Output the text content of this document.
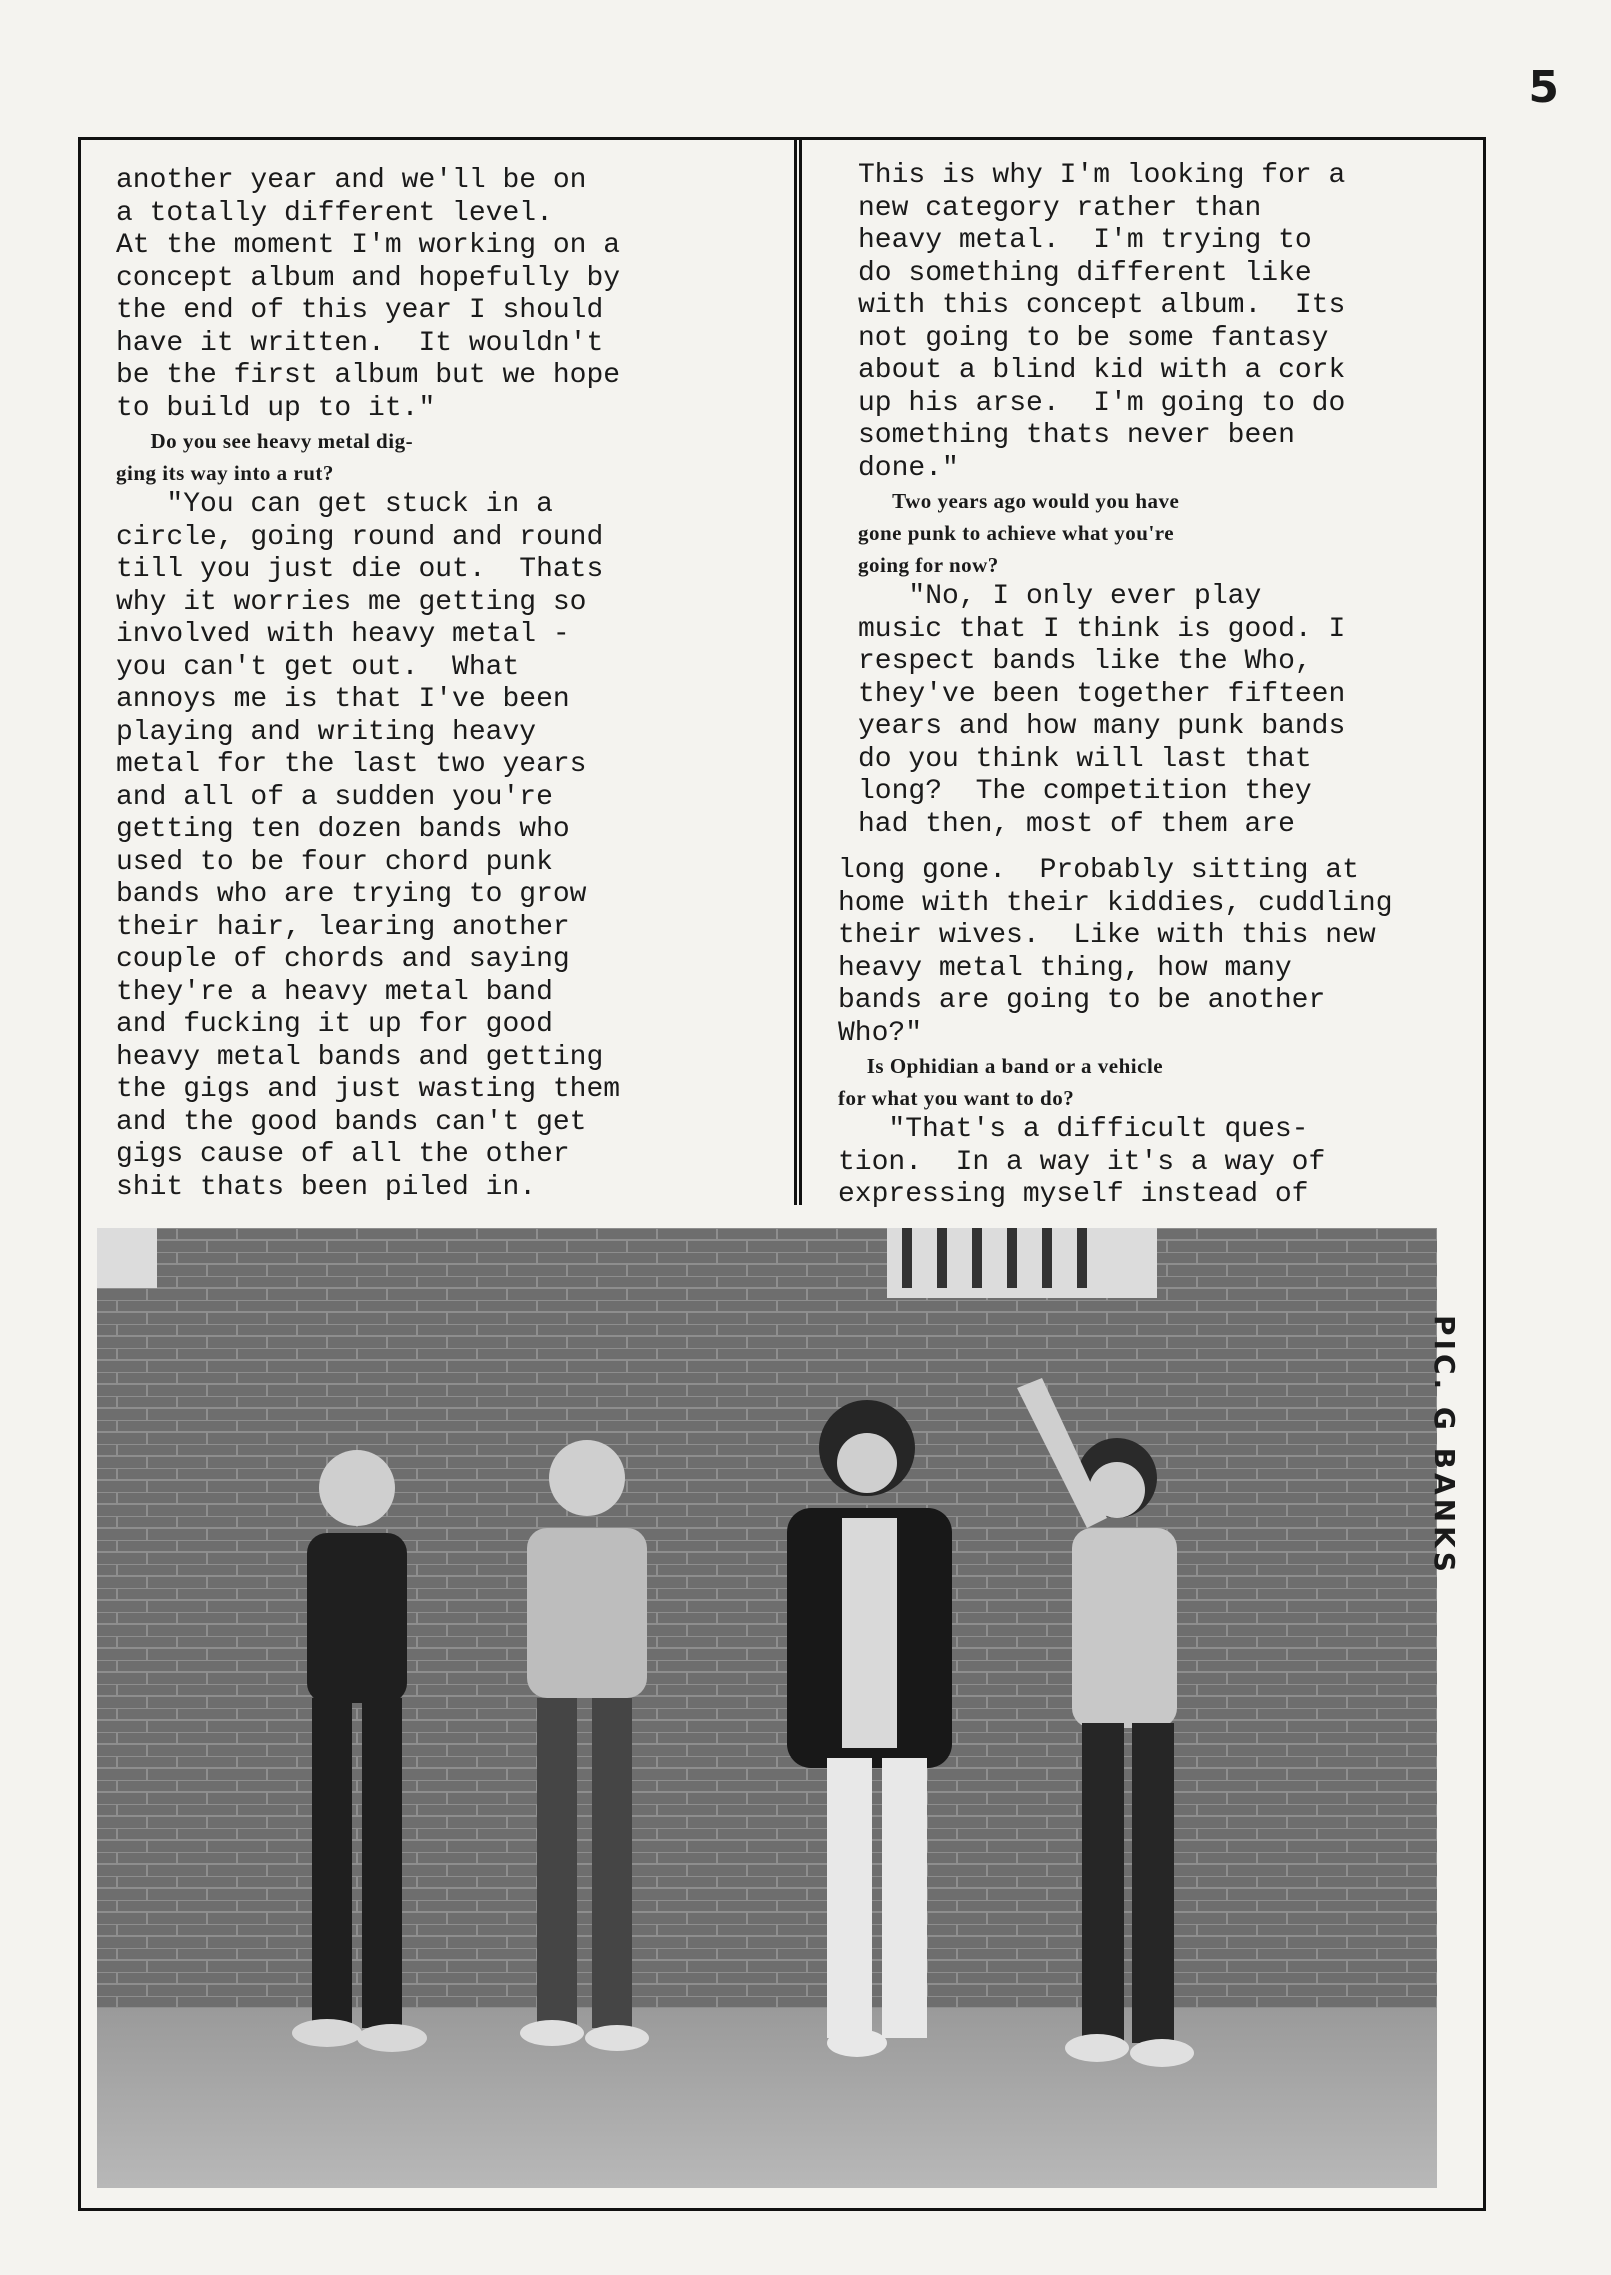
5
another year and we'll be on
a totally different level.
At the moment I'm working on a
concept album and hopefully by
the end of this year I should
have it written.  It wouldn't
be the first album but we hope
to build up to it."
Do you see heavy metal dig-
ging its way into a rut?
"You can get stuck in a
circle, going round and round
till you just die out.  Thats
why it worries me getting so
involved with heavy metal -
you can't get out.  What
annoys me is that I've been
playing and writing heavy
metal for the last two years
and all of a sudden you're
getting ten dozen bands who
used to be four chord punk
bands who are trying to grow
their hair, learing another
couple of chords and saying
they're a heavy metal band
and fucking it up for good
heavy metal bands and getting
the gigs and just wasting them
and the good bands can't get
gigs cause of all the other
shit thats been piled in.
This is why I'm looking for a
new category rather than
heavy metal.  I'm trying to
do something different like
with this concept album.  Its
not going to be some fantasy
about a blind kid with a cork
up his arse.  I'm going to do
something thats never been
done."
Two years ago would you have
gone punk to achieve what you're
going for now?
"No, I only ever play
music that I think is good. I
respect bands like the Who,
they've been together fifteen
years and how many punk bands
do you think will last that
long?  The competition they
had then, most of them are
long gone.  Probably sitting at
home with their kiddies, cuddling
their wives.  Like with this new
heavy metal thing, how many
bands are going to be another
Who?"
Is Ophidian a band or a vehicle
for what you want to do?
"That's a difficult ques-
tion.  In a way it's a way of
expressing myself instead of
PIC. G BANKS
